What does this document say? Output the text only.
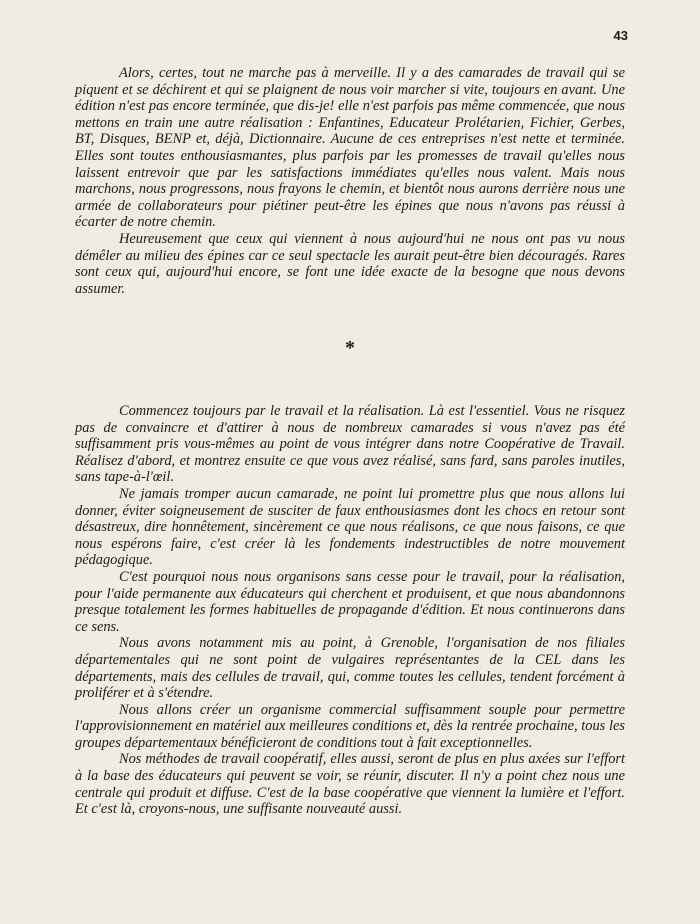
43

Alors, certes, tout ne marche pas à merveille. Il y a des camarades de travail qui se piquent et se déchirent et qui se plaignent de nous voir marcher si vite, toujours en avant. Une édition n'est pas encore terminée, que dis-je! elle n'est parfois pas même commencée, que nous mettons en train une autre réalisation : Enfantines, Educateur Prolétarien, Fichier, Gerbes, BT, Disques, BENP et, déjà, Dictionnaire. Aucune de ces entreprises n'est nette et terminée. Elles sont toutes enthousiasmantes, plus parfois par les promesses de travail qu'elles nous laissent entrevoir que par les satisfactions immédiates qu'elles nous valent. Mais nous marchons, nous progressons, nous frayons le chemin, et bientôt nous aurons derrière nous une armée de collaborateurs pour piétiner peut-être les épines que nous n'avons pas réussi à écarter de notre chemin.

Heureusement que ceux qui viennent à nous aujourd'hui ne nous ont pas vu nous démêler au milieu des épines car ce seul spectacle les aurait peut-être bien découragés. Rares sont ceux qui, aujourd'hui encore, se font une idée exacte de la besogne que nous devons assumer.

*

Commencez toujours par le travail et la réalisation. Là est l'essentiel. Vous ne risquez pas de convaincre et d'attirer à nous de nombreux camarades si vous n'avez pas été suffisamment pris vous-mêmes au point de vous intégrer dans notre Coopérative de Travail. Réalisez d'abord, et montrez ensuite ce que vous avez réalisé, sans fard, sans paroles inutiles, sans tape-à-l'œil.

Ne jamais tromper aucun camarade, ne point lui promettre plus que nous allons lui donner, éviter soigneusement de susciter de faux enthousiasmes dont les chocs en retour sont désastreux, dire honnêtement, sincèrement ce que nous réalisons, ce que nous faisons, ce que nous espérons faire, c'est créer là les fondements indestructibles de notre mouvement pédagogique.

C'est pourquoi nous nous organisons sans cesse pour le travail, pour la réalisation, pour l'aide permanente aux éducateurs qui cherchent et produisent, et que nous abandonnons presque totalement les formes habituelles de propagande d'édition. Et nous continuerons dans ce sens.

Nous avons notamment mis au point, à Grenoble, l'organisation de nos filiales départementales qui ne sont point de vulgaires représentantes de la CEL dans les départements, mais des cellules de travail, qui, comme toutes les cellules, tendent forcément à proliférer et à s'étendre.

Nous allons créer un organisme commercial suffisamment souple pour permettre l'approvisionnement en matériel aux meilleures conditions et, dès la rentrée prochaine, tous les groupes départementaux bénéficieront de conditions tout à fait exceptionnelles.

Nos méthodes de travail coopératif, elles aussi, seront de plus en plus axées sur l'effort à la base des éducateurs qui peuvent se voir, se réunir, discuter. Il n'y a point chez nous une centrale qui produit et diffuse. C'est de la base coopérative que viennent la lumière et l'effort. Et c'est là, croyons-nous, une suffisante nouveauté aussi.
